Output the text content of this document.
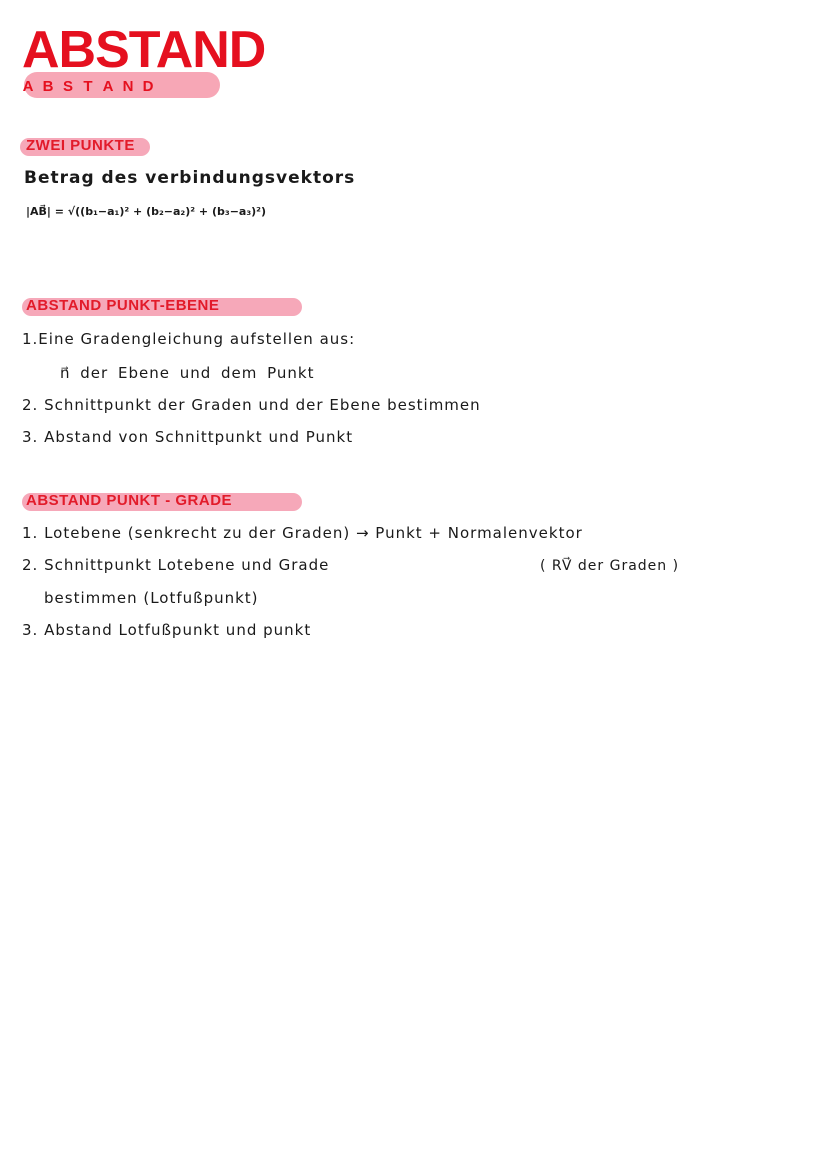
ABSTAND
A B S T A N D
ZWEI PUNKTE
Betrag des verbindungsvektors
|AB⃗| = √((b₁−a₁)² + (b₂−a₂)² + (b₃−a₃)²)
ABSTAND PUNKT-EBENE
1.Eine Gradengleichung aufstellen aus:
n⃗ der Ebene und dem Punkt
2. Schnittpunkt der Graden und der Ebene bestimmen
3. Abstand von Schnittpunkt und Punkt
ABSTAND PUNKT - GRADE
1. Lotebene (senkrecht zu der Graden) → Punkt + Normalenvektor
2. Schnittpunkt Lotebene und Grade	( RV⃗ der Graden )
bestimmen (Lotfußpunkt)
3. Abstand Lotfußpunkt und punkt
